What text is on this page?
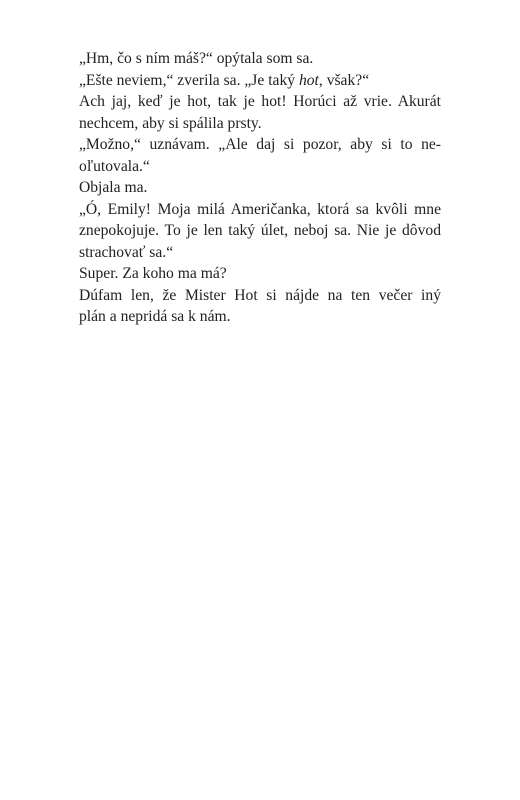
„Hm, čo s ním máš?“ opýtala som sa.

„Ešte neviem,“ zverila sa. „Je taký hot, však?“

Ach jaj, keď je hot, tak je hot! Horúci až vrie. Akurát
nechcem, aby si spálila prsty.

„Možno,“ uznávam. „Ale daj si pozor, aby si to ne-
oľutovala.“

Objala ma.

„Ó, Emily! Moja milá Američanka, ktorá sa kvôli mne
znepokojuje. To je len taký úlet, neboj sa. Nie je dôvod
strachovať sa.“

Super. Za koho ma má?

Dúfam len, že Mister Hot si nájde na ten večer iný
plán a nepridá sa k nám.
